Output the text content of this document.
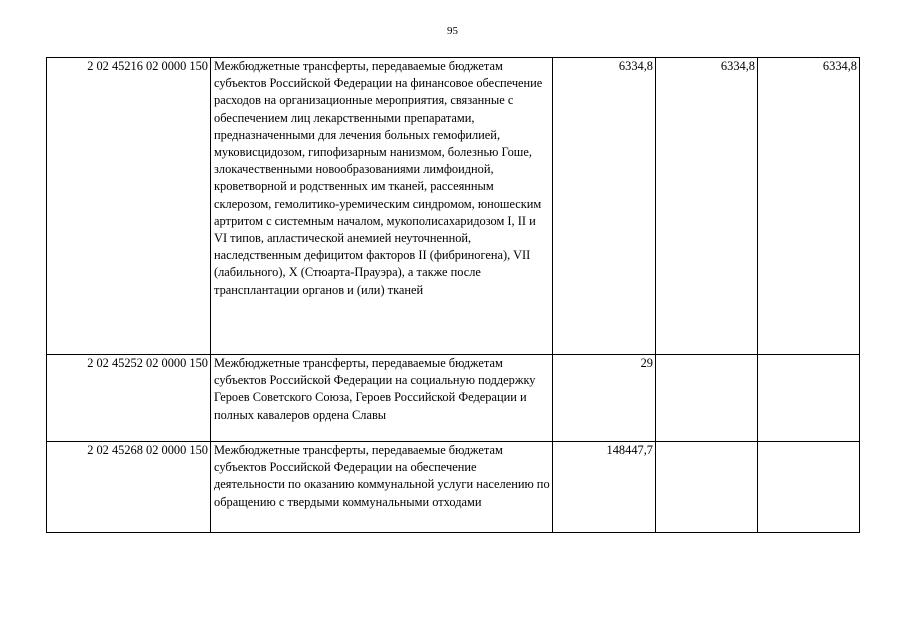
95
2 02 45216 02 0000 150	Межбюджетные трансферты, передаваемые бюджетам субъектов Российской Федерации на финансовое обеспечение расходов на организационные мероприятия, связанные с обеспечением лиц лекарственными препаратами, предназначенными для лечения больных гемофилией, муковисцидозом, гипофизарным нанизмом, болезнью Гоше, злокачественными новообразованиями лимфоидной, кроветворной и родственных им тканей, рассеянным склерозом, гемолитико-уремическим синдромом, юношеским артритом с системным началом, мукополисахаридозом I, II и VI типов, апластической анемией неуточненной, наследственным дефицитом факторов II (фибриногена), VII (лабильного), X (Стюарта-Прауэра), а также после трансплантации органов и (или) тканей	6334,8	6334,8	6334,8
2 02 45252 02 0000 150	Межбюджетные трансферты, передаваемые бюджетам субъектов Российской Федерации на социальную поддержку Героев Советского Союза, Героев Российской Федерации и полных кавалеров ордена Славы	29		
2 02 45268 02 0000 150	Межбюджетные трансферты, передаваемые бюджетам субъектов Российской Федерации на обеспечение деятельности по оказанию коммунальной услуги населению по обращению с твердыми коммунальными отходами	148447,7		
